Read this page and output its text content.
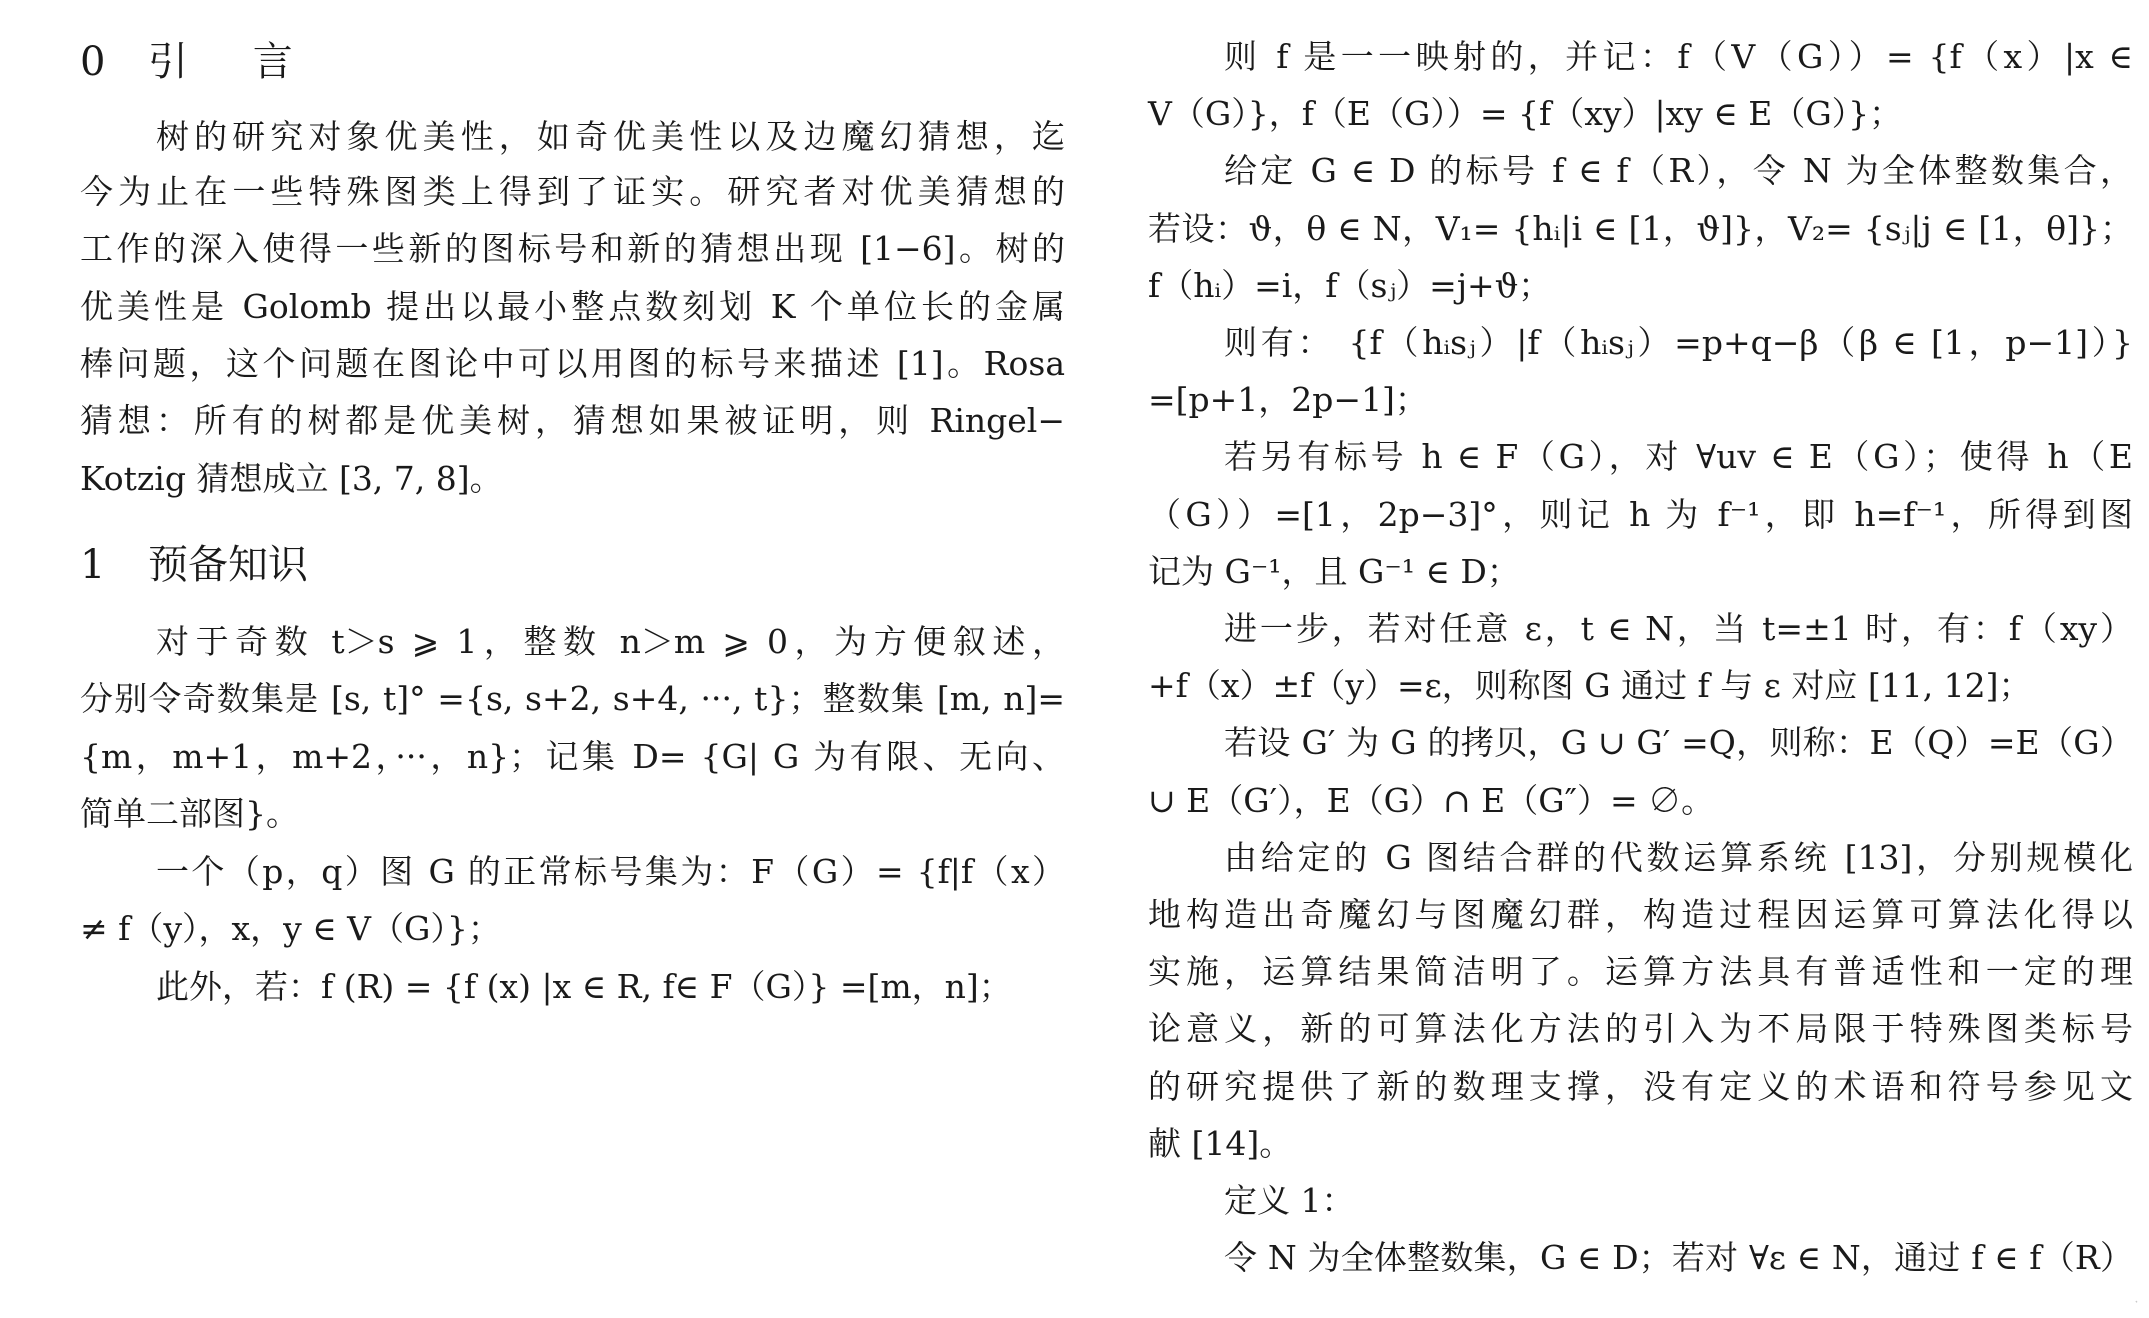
0 引 言
树的研究对象优美性，如奇优美性以及边魔幻猜想，迄
今为止在一些特殊图类上得到了证实。研究者对优美猜想的
工作的深入使得一些新的图标号和新的猜想出现 [1−6]。树的
优美性是 Golomb 提出以最小整点数刻划 K 个单位长的金属
棒问题，这个问题在图论中可以用图的标号来描述 [1]。Rosa
猜想：所有的树都是优美树，猜想如果被证明，则 Ringel−
Kotzig 猜想成立 [3, 7, 8]。
1 预备知识
对于奇数 t＞s ⩾ 1，整数 n＞m ⩾ 0，为方便叙述，
分别令奇数集是 [s, t]° ={s, s+2, s+4, ···, t}；整数集 [m, n]=
{m，m+1，m+2，···，n}；记集 D= {G| G 为有限、无向、
简单二部图}。
一个（p，q）图 G 的正常标号集为：F（G）= {f|f（x）
≠ f（y），x，y ∈ V（G）}；
此外，若：f (R) = {f (x) |x ∈ R, f∈ F（G）} =[m，n]；
则 f 是一一映射的，并记：f（V（G））= {f（x）|x ∈
V（G）}，f（E（G））= {f（xy）|xy ∈ E（G）}；
给定 G ∈ D 的标号 f ∈ f（R），令 N 为全体整数集合，
若设：ϑ，θ ∈ N，V₁= {hᵢ|i ∈ [1，ϑ]}，V₂= {sⱼ|j ∈ [1，θ]}；
f（hᵢ）=i，f（sⱼ）=j+ϑ；
则有： {f（hᵢsⱼ）|f（hᵢsⱼ）=p+q−β（β ∈ [1，p−1]）}
=[p+1，2p−1]；
若另有标号 h ∈ F（G），对 ∀uv ∈ E（G）；使得 h（E
（G））=[1，2p−3]°，则记 h 为 f⁻¹，即 h=f⁻¹，所得到图
记为 G⁻¹，且 G⁻¹ ∈ D；
进一步，若对任意 ε，t ∈ N，当 t=±1 时，有：f（xy）
+f（x）±f（y）=ε，则称图 G 通过 f 与 ε 对应 [11, 12]；
若设 G′ 为 G 的拷贝，G ∪ G′ =Q，则称：E（Q）=E（G）
∪ E（G′），E（G）∩ E（G″）= ∅。
由给定的 G 图结合群的代数运算系统 [13]，分别规模化
地构造出奇魔幻与图魔幻群，构造过程因运算可算法化得以
实施，运算结果简洁明了。运算方法具有普适性和一定的理
论意义，新的可算法化方法的引入为不局限于特殊图类标号
的研究提供了新的数理支撑，没有定义的术语和符号参见文
献 [14]。
定义 1：
令 N 为全体整数集，G ∈ D；若对 ∀ε ∈ N，通过 f ∈ f（R）
·
